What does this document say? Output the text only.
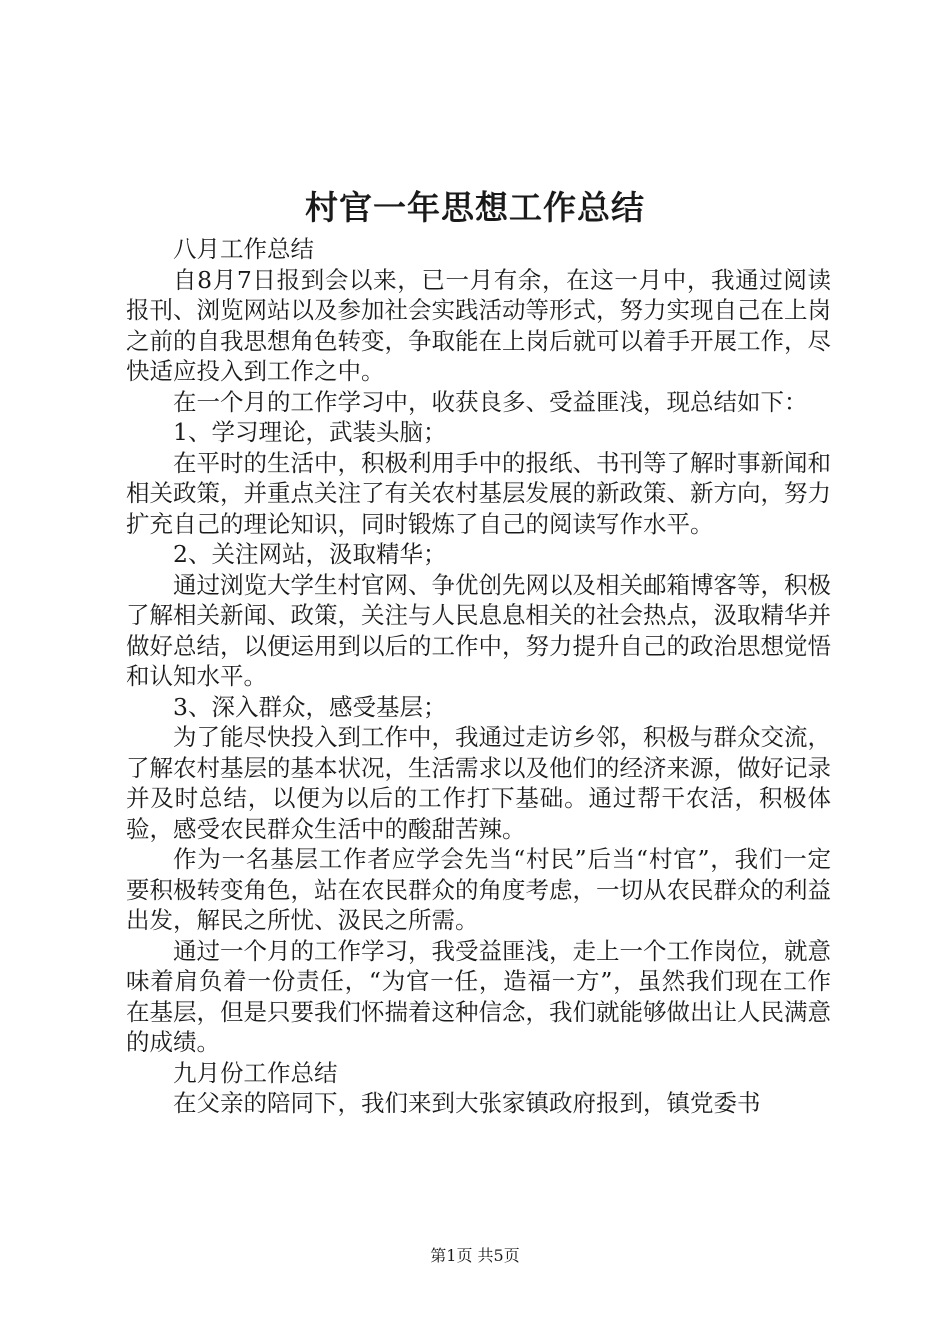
村官一年思想工作总结

八月工作总结

自8月7日报到会以来，已一月有余，在这一月中，我通过阅读报刊、浏览网站以及参加社会实践活动等形式，努力实现自己在上岗之前的自我思想角色转变，争取能在上岗后就可以着手开展工作，尽快适应投入到工作之中。

在一个月的工作学习中，收获良多、受益匪浅，现总结如下：

1、学习理论，武装头脑；

在平时的生活中，积极利用手中的报纸、书刊等了解时事新闻和相关政策，并重点关注了有关农村基层发展的新政策、新方向，努力扩充自己的理论知识，同时锻炼了自己的阅读写作水平。

2、关注网站，汲取精华；

通过浏览大学生村官网、争优创先网以及相关邮箱博客等，积极了解相关新闻、政策，关注与人民息息相关的社会热点，汲取精华并做好总结，以便运用到以后的工作中，努力提升自己的政治思想觉悟和认知水平。

3、深入群众，感受基层；

为了能尽快投入到工作中，我通过走访乡邻，积极与群众交流，了解农村基层的基本状况，生活需求以及他们的经济来源，做好记录并及时总结，以便为以后的工作打下基础。通过帮干农活，积极体验，感受农民群众生活中的酸甜苦辣。

作为一名基层工作者应学会先当“村民”后当“村官”，我们一定要积极转变角色，站在农民群众的角度考虑，一切从农民群众的利益出发，解民之所忧、汲民之所需。

通过一个月的工作学习，我受益匪浅，走上一个工作岗位，就意味着肩负着一份责任，“为官一任，造福一方”，虽然我们现在工作在基层，但是只要我们怀揣着这种信念，我们就能够做出让人民满意的成绩。

九月份工作总结

在父亲的陪同下，我们来到大张家镇政府报到，镇党委书

第1页 共5页
